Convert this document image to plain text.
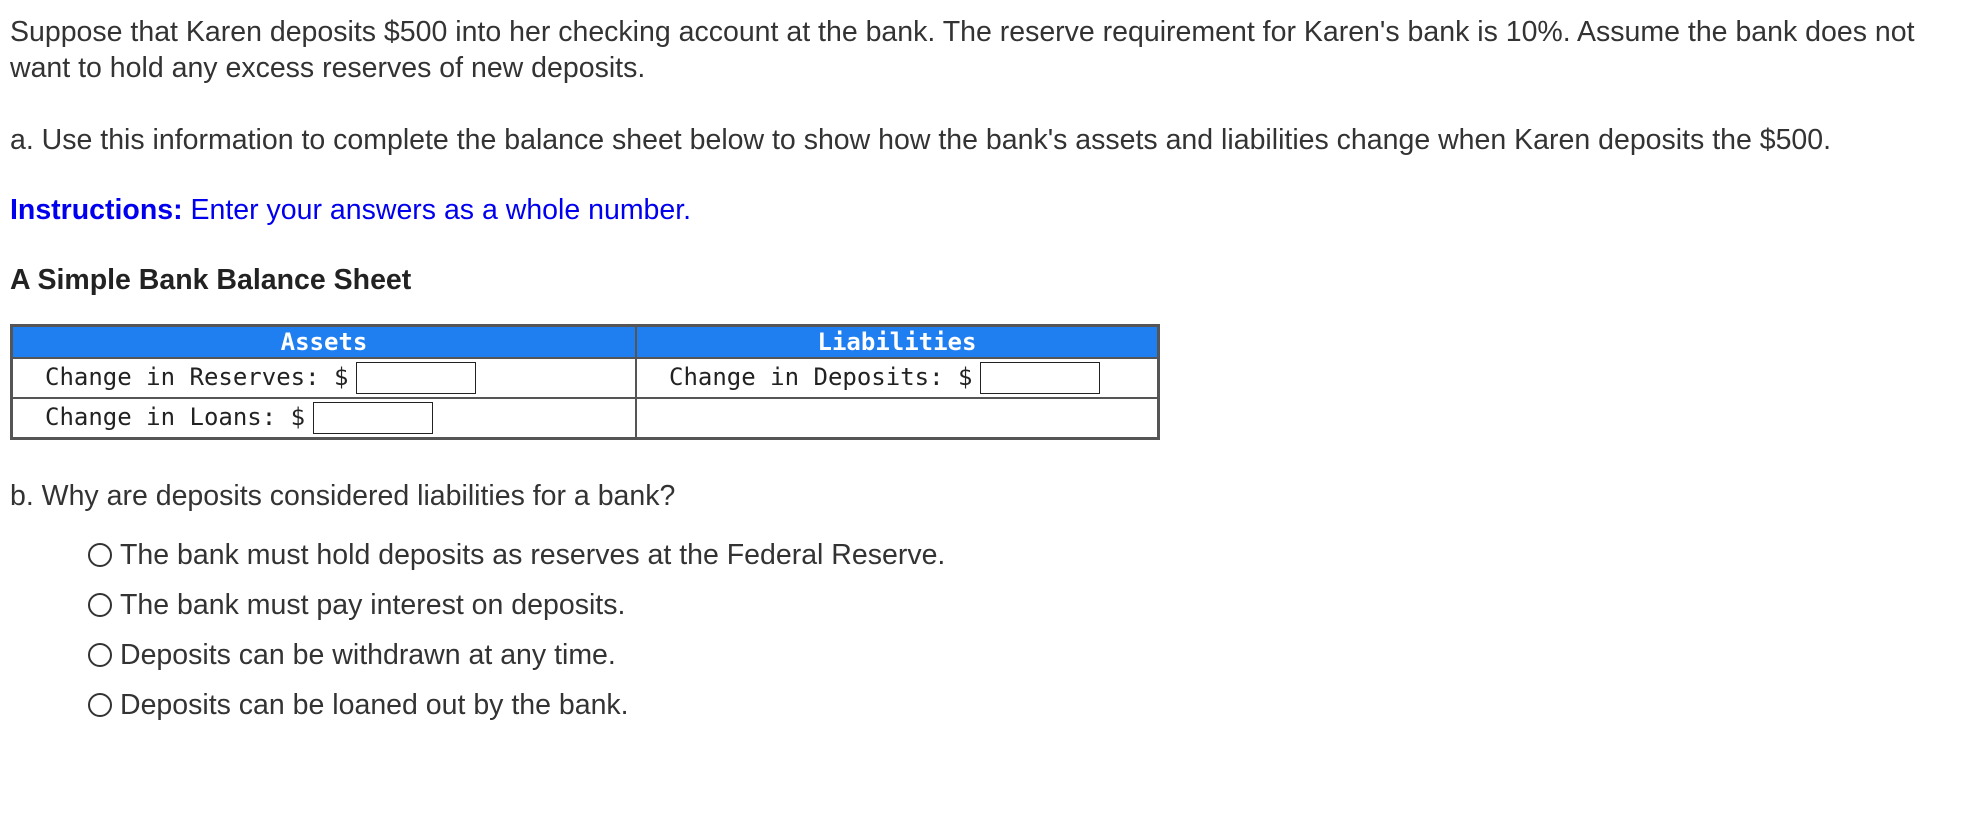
Suppose that Karen deposits $500 into her checking account at the bank. The reserve requirement for Karen's bank is 10%. Assume the bank does not want to hold any excess reserves of new deposits.

a. Use this information to complete the balance sheet below to show how the bank's assets and liabilities change when Karen deposits the $500.

Instructions: Enter your answers as a whole number.

A Simple Bank Balance Sheet

Assets	Liabilities
Change in Reserves: $	Change in Deposits: $
Change in Loans: $	

b. Why are deposits considered liabilities for a bank?

The bank must hold deposits as reserves at the Federal Reserve.
The bank must pay interest on deposits.
Deposits can be withdrawn at any time.
Deposits can be loaned out by the bank.
